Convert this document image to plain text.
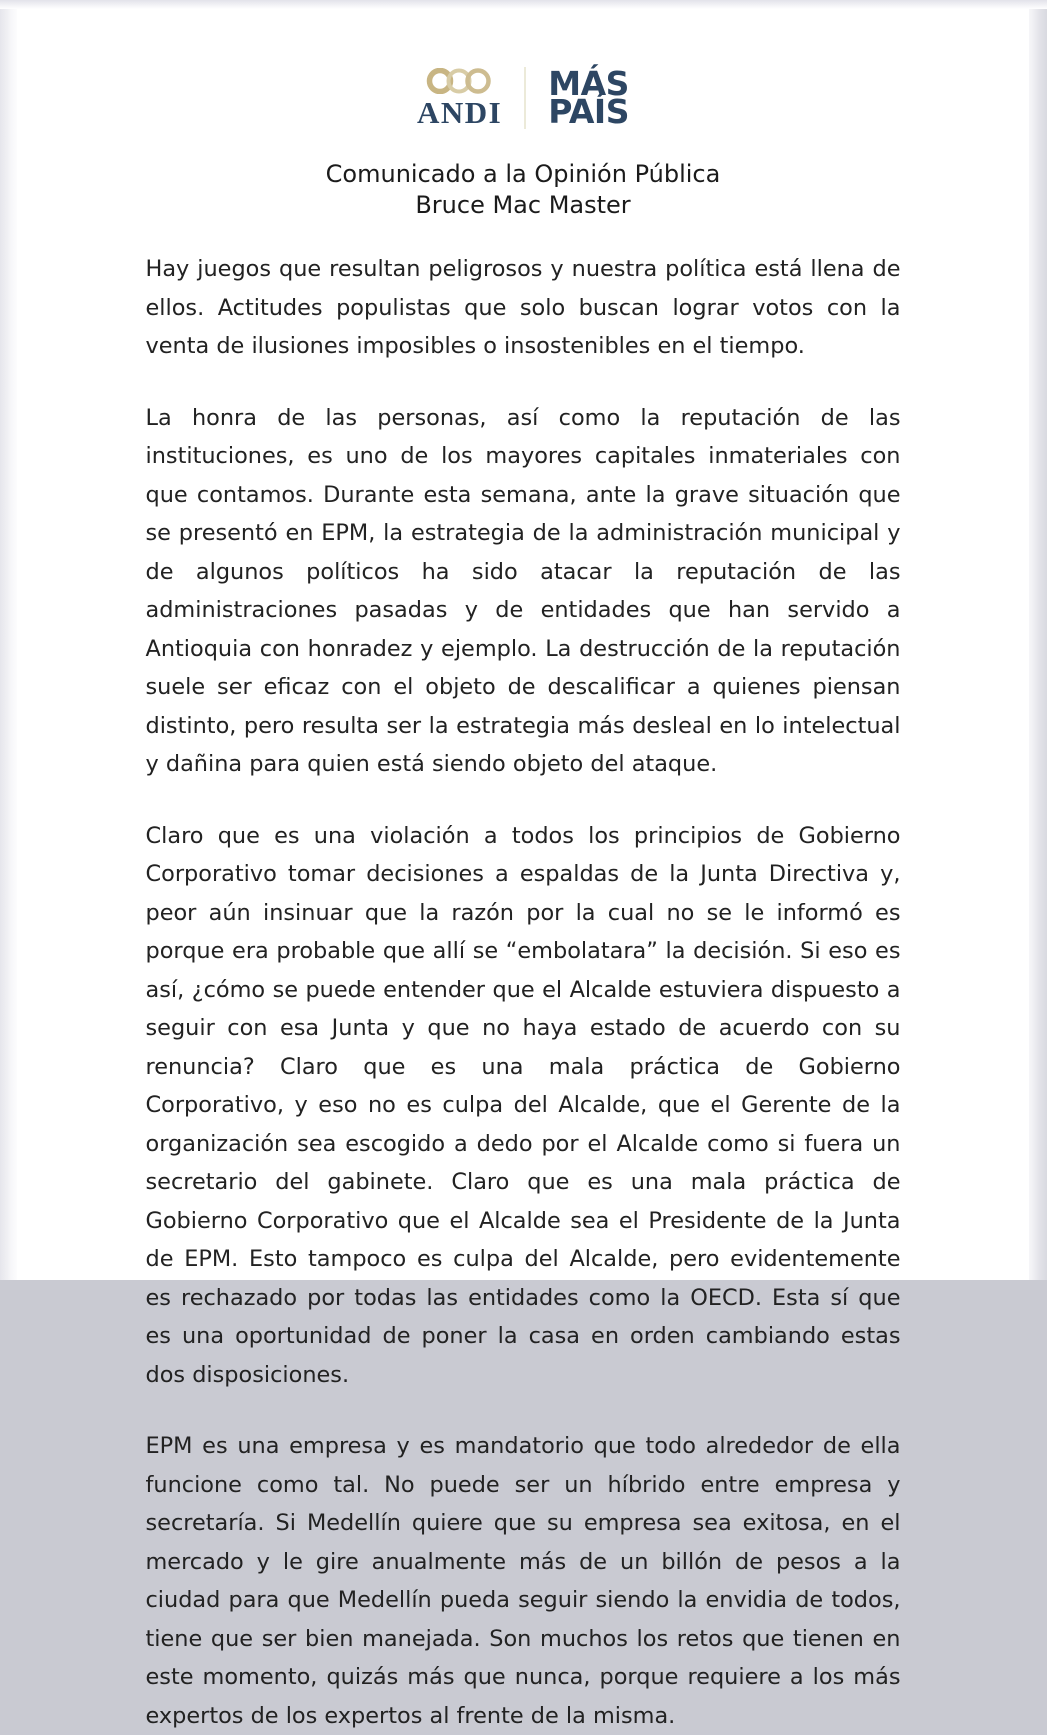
ANDI
MÁS
PAÍS
Comunicado a la Opinión Pública
Bruce Mac Master

Hay juegos que resultan peligrosos y nuestra política está llena de ellos. Actitudes populistas que solo buscan lograr votos con la venta de ilusiones imposibles o insostenibles en el tiempo.

La honra de las personas, así como la reputación de las instituciones, es uno de los mayores capitales inmateriales con que contamos. Durante esta semana, ante la grave situación que se presentó en EPM, la estrategia de la administración municipal y de algunos políticos ha sido atacar la reputación de las administraciones pasadas y de entidades que han servido a Antioquia con honradez y ejemplo. La destrucción de la reputación suele ser eficaz con el objeto de descalificar a quienes piensan distinto, pero resulta ser la estrategia más desleal en lo intelectual y dañina para quien está siendo objeto del ataque.

Claro que es una violación a todos los principios de Gobierno Corporativo tomar decisiones a espaldas de la Junta Directiva y, peor aún insinuar que la razón por la cual no se le informó es porque era probable que allí se “embolatara” la decisión. Si eso es así, ¿cómo se puede entender que el Alcalde estuviera dispuesto a seguir con esa Junta y que no haya estado de acuerdo con su renuncia? Claro que es una mala práctica de Gobierno Corporativo, y eso no es culpa del Alcalde, que el Gerente de la organización sea escogido a dedo por el Alcalde como si fuera un secretario del gabinete. Claro que es una mala práctica de Gobierno Corporativo que el Alcalde sea el Presidente de la Junta de EPM. Esto tampoco es culpa del Alcalde, pero evidentemente es rechazado por todas las entidades como la OECD. Esta sí que es una oportunidad de poner la casa en orden cambiando estas dos disposiciones.

EPM es una empresa y es mandatorio que todo alrededor de ella funcione como tal. No puede ser un híbrido entre empresa y secretaría. Si Medellín quiere que su empresa sea exitosa, en el mercado y le gire anualmente más de un billón de pesos a la ciudad para que Medellín pueda seguir siendo la envidia de todos, tiene que ser bien manejada. Son muchos los retos que tienen en este momento, quizás más que nunca, porque requiere a los más expertos de los expertos al frente de la misma.
